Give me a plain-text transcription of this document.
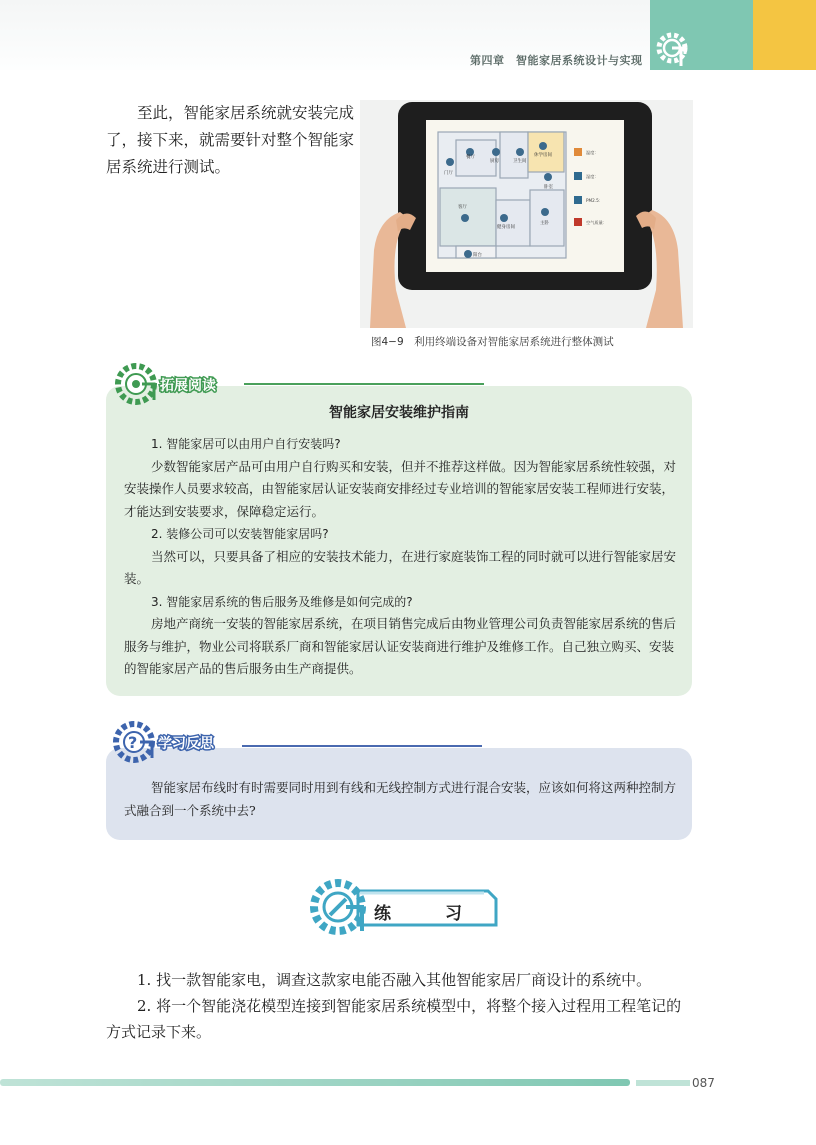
第四章　智能家居系统设计与实现
至此，智能家居系统就安装完成了，接下来，就需要针对整个智能家居系统进行测试。	门厅
餐厅
厨房	卫生间
休学房间
卧室
客厅
健身房间
主卧
阳台
温度：
湿度：
PM2.5：
空气质量：
图4−9　利用终端设备对智能家居系统进行整体测试
拓展阅读
智能家居安装维护指南

1. 智能家居可以由用户自行安装吗?

少数智能家居产品可由用户自行购买和安装，但并不推荐这样做。因为智能家居系统性较强，对安装操作人员要求较高，由智能家居认证安装商安排经过专业培训的智能家居安装工程师进行安装，才能达到安装要求，保障稳定运行。

2. 装修公司可以安装智能家居吗?

当然可以，只要具备了相应的安装技术能力，在进行家庭装饰工程的同时就可以进行智能家居安装。

3. 智能家居系统的售后服务及维修是如何完成的?

房地产商统一安装的智能家居系统，在项目销售完成后由物业管理公司负责智能家居系统的售后服务与维护，物业公司将联系厂商和智能家居认证安装商进行维护及维修工作。自己独立购买、安装的智能家居产品的售后服务由生产商提供。

? 学习反思
智能家居布线时有时需要同时用到有线和无线控制方式进行混合安装，应该如何将这两种控制方式融合到一个系统中去?
练习

1. 找一款智能家电，调查这款家电能否融入其他智能家居厂商设计的系统中。

2. 将一个智能浇花模型连接到智能家居系统模型中，将整个接入过程用工程笔记的方式记录下来。

087
